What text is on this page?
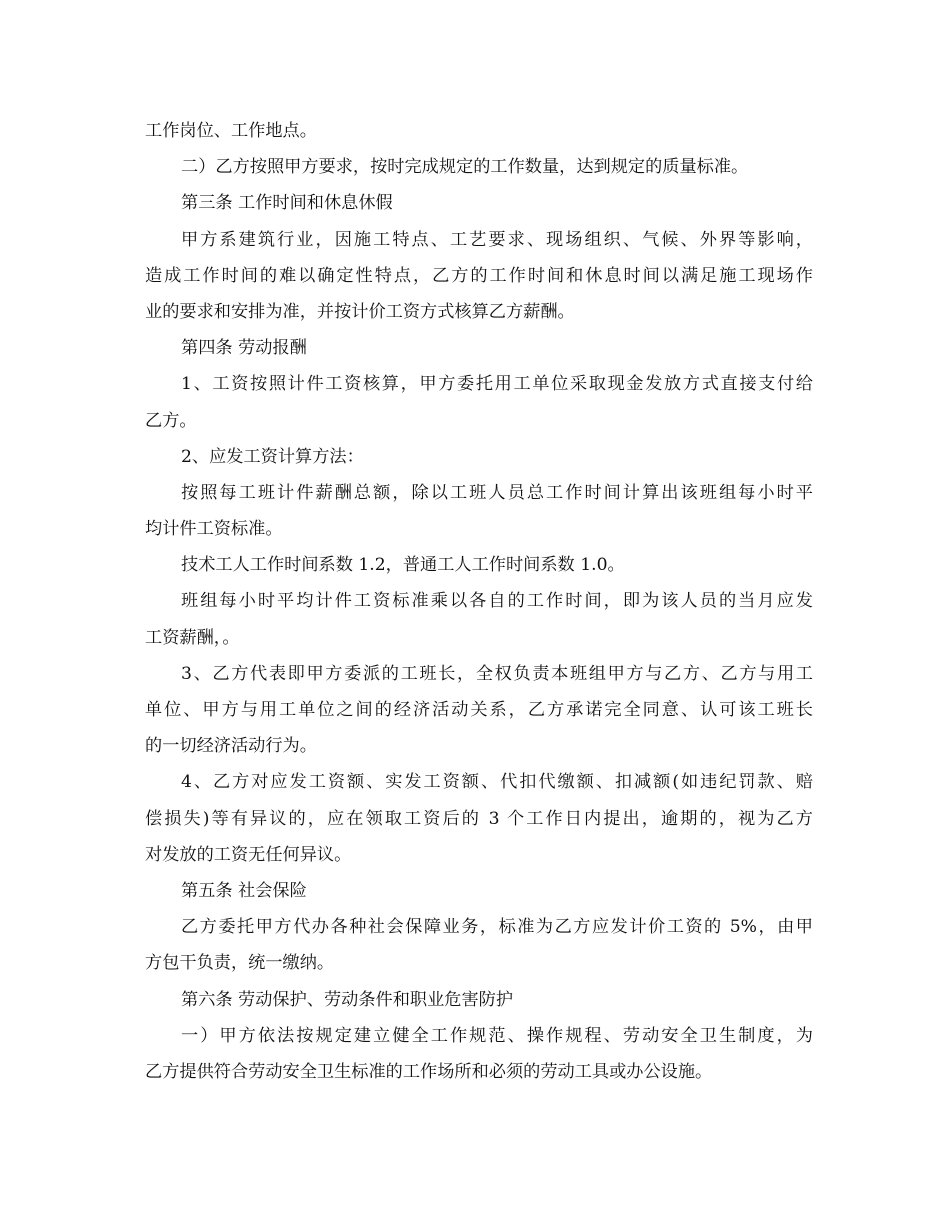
工作岗位、工作地点。
二）乙方按照甲方要求，按时完成规定的工作数量，达到规定的质量标准。
第三条 工作时间和休息休假
甲方系建筑行业，因施工特点、工艺要求、现场组织、气候、外界等影响，
造成工作时间的难以确定性特点，乙方的工作时间和休息时间以满足施工现场作
业的要求和安排为准，并按计价工资方式核算乙方薪酬。
第四条 劳动报酬
1、工资按照计件工资核算，甲方委托用工单位采取现金发放方式直接支付给
乙方。
2、应发工资计算方法：
按照每工班计件薪酬总额，除以工班人员总工作时间计算出该班组每小时平
均计件工资标准。
技术工人工作时间系数 1.2，普通工人工作时间系数 1.0。
班组每小时平均计件工资标准乘以各自的工作时间，即为该人员的当月应发
工资薪酬，。
3、乙方代表即甲方委派的工班长，全权负责本班组甲方与乙方、乙方与用工
单位、甲方与用工单位之间的经济活动关系，乙方承诺完全同意、认可该工班长
的一切经济活动行为。
4、乙方对应发工资额、实发工资额、代扣代缴额、扣减额(如违纪罚款、赔
偿损失)等有异议的，应在领取工资后的 3 个工作日内提出，逾期的，视为乙方
对发放的工资无任何异议。
第五条 社会保险
乙方委托甲方代办各种社会保障业务，标准为乙方应发计价工资的 5%，由甲
方包干负责，统一缴纳。
第六条 劳动保护、劳动条件和职业危害防护
一）甲方依法按规定建立健全工作规范、操作规程、劳动安全卫生制度，为
乙方提供符合劳动安全卫生标准的工作场所和必须的劳动工具或办公设施。
